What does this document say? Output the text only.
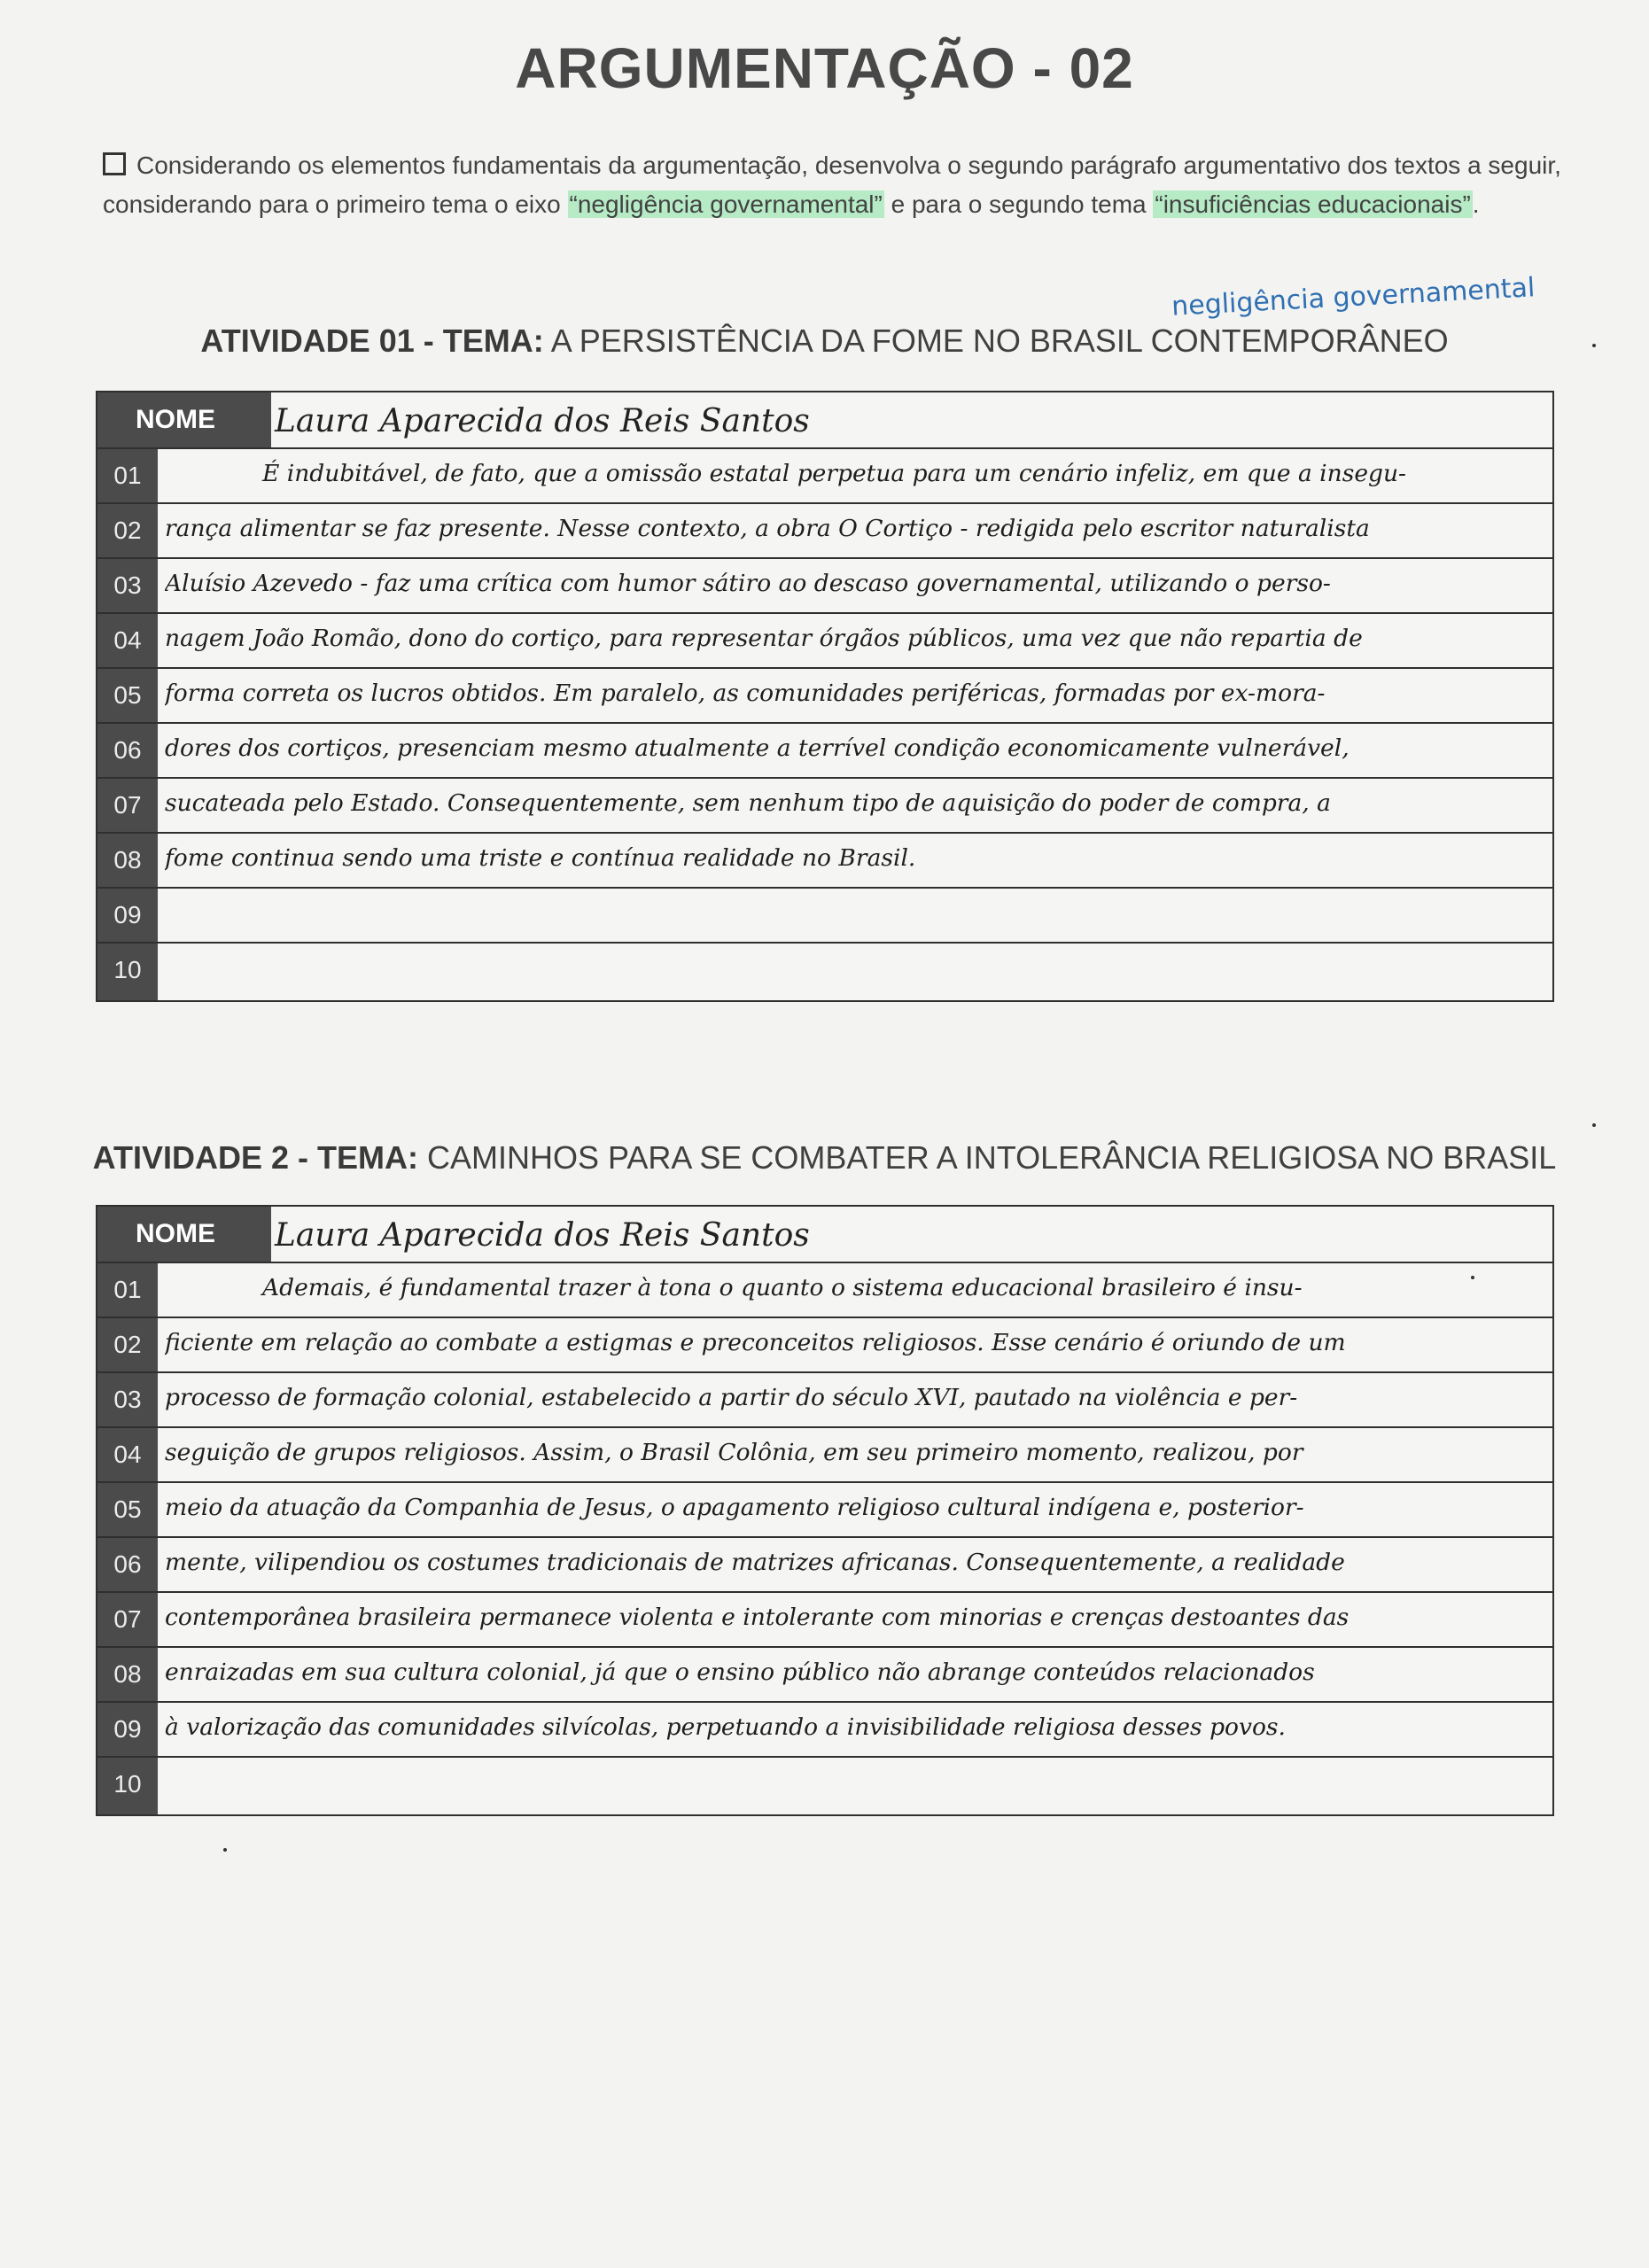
ARGUMENTAÇÃO - 02
Considerando os elementos fundamentais da argumentação, desenvolva o segundo parágrafo argumentativo dos textos a seguir, considerando para o primeiro tema o eixo “negligência governamental” e para o segundo tema “insuficiências educacionais”.
negligência governamental
ATIVIDADE 01 - TEMA: A PERSISTÊNCIA DA FOME NO BRASIL CONTEMPORÂNEO
NOME	Laura Aparecida dos Reis Santos
01	É indubitável, de fato, que a omissão estatal perpetua para um cenário infeliz, em que a insegu-
02 rança alimentar se faz presente. Nesse contexto, a obra O Cortiço - redigida pelo escritor naturalista
03 Aluísio Azevedo - faz uma crítica com humor sátiro ao descaso governamental, utilizando o perso-
04 nagem João Romão, dono do cortiço, para representar órgãos públicos, uma vez que não repartia de
05 forma correta os lucros obtidos. Em paralelo, as comunidades periféricas, formadas por ex-mora-
06 dores dos cortiços, presenciam mesmo atualmente a terrível condição economicamente vulnerável,
07 sucateada pelo Estado. Consequentemente, sem nenhum tipo de aquisição do poder de compra, a
08 fome continua sendo uma triste e contínua realidade no Brasil.
09
10
ATIVIDADE 2 - TEMA: CAMINHOS PARA SE COMBATER A INTOLERÂNCIA RELIGIOSA NO BRASIL
NOME	Laura Aparecida dos Reis Santos
01	Ademais, é fundamental trazer à tona o quanto o sistema educacional brasileiro é insu-
02 ficiente em relação ao combate a estigmas e preconceitos religiosos. Esse cenário é oriundo de um
03 processo de formação colonial, estabelecido a partir do século XVI, pautado na violência e per-
04 seguição de grupos religiosos. Assim, o Brasil Colônia, em seu primeiro momento, realizou, por
05 meio da atuação da Companhia de Jesus, o apagamento religioso cultural indígena e, posterior-
06 mente, vilipendiou os costumes tradicionais de matrizes africanas. Consequentemente, a realidade
07 contemporânea brasileira permanece violenta e intolerante com minorias e crenças destoantes das
08 enraizadas em sua cultura colonial, já que o ensino público não abrange conteúdos relacionados
09 à valorização das comunidades silvícolas, perpetuando a invisibilidade religiosa desses povos.
10
